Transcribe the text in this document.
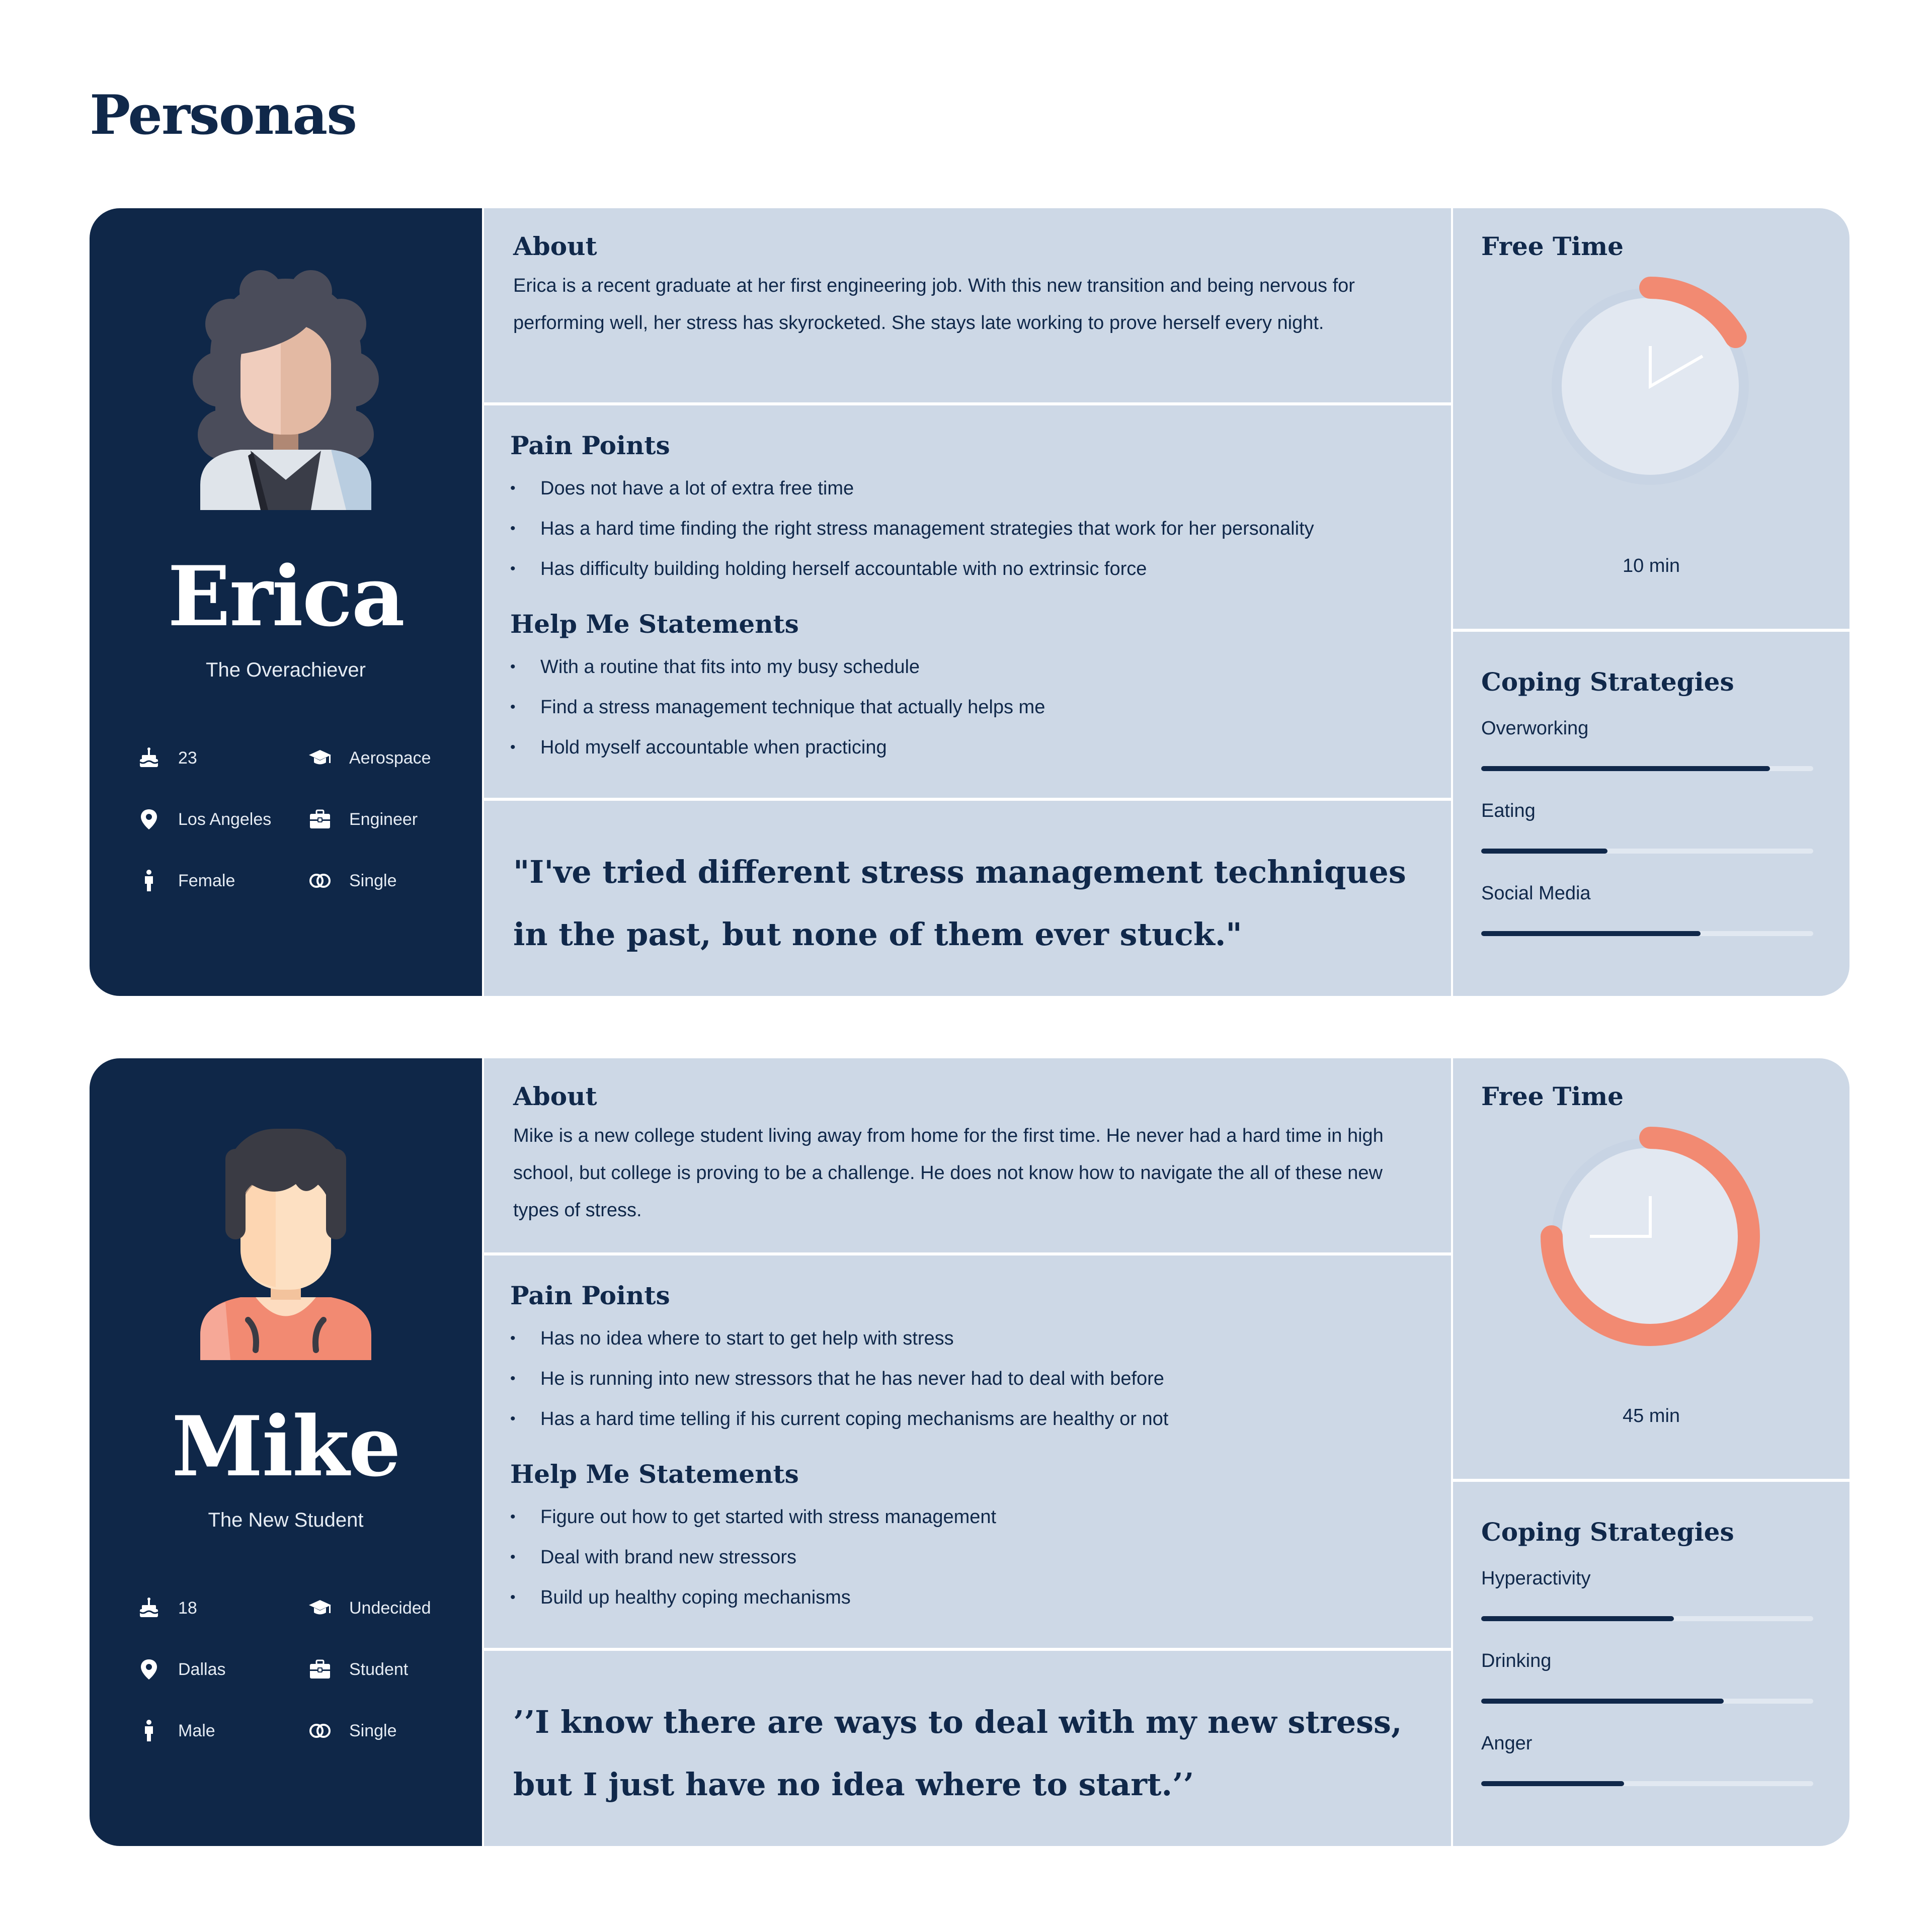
Personas
Erica
The Overachiever
23	Aerospace
Los Angeles	Engineer
Female	Single
About

Erica is a recent graduate at her first engineering job. With this new transition and being nervous for performing well, her stress has skyrocketed. She stays late working to prove herself every night.

Pain Points
• Does not have a lot of extra free time
• Has a hard time finding the right stress management strategies that work for her personality
• Has difficulty building holding herself accountable with no extrinsic force
Help Me Statements
• With a routine that fits into my busy schedule
• Find a stress management technique that actually helps me
• Hold myself accountable when practicing

"I've tried different stress management techniques in the past, but none of them ever stuck."

Free Time
10 min
Coping Strategies
Overworking
Eating
Social Media
Mike
The New Student
18	Undecided
Dallas	Student
Male	Single
About

Mike is a new college student living away from home for the first time. He never had a hard time in high school, but college is proving to be a challenge. He does not know how to navigate the all of these new types of stress.

Pain Points
• Has no idea where to start to get help with stress
• He is running into new stressors that he has never had to deal with before
• Has a hard time telling if his current coping mechanisms are healthy or not
Help Me Statements
• Figure out how to get started with stress management
• Deal with brand new stressors
• Build up healthy coping mechanisms

’’I know there are ways to deal with my new stress, but I just have no idea where to start.’’

Free Time
45 min
Coping Strategies
Hyperactivity
Drinking
Anger
